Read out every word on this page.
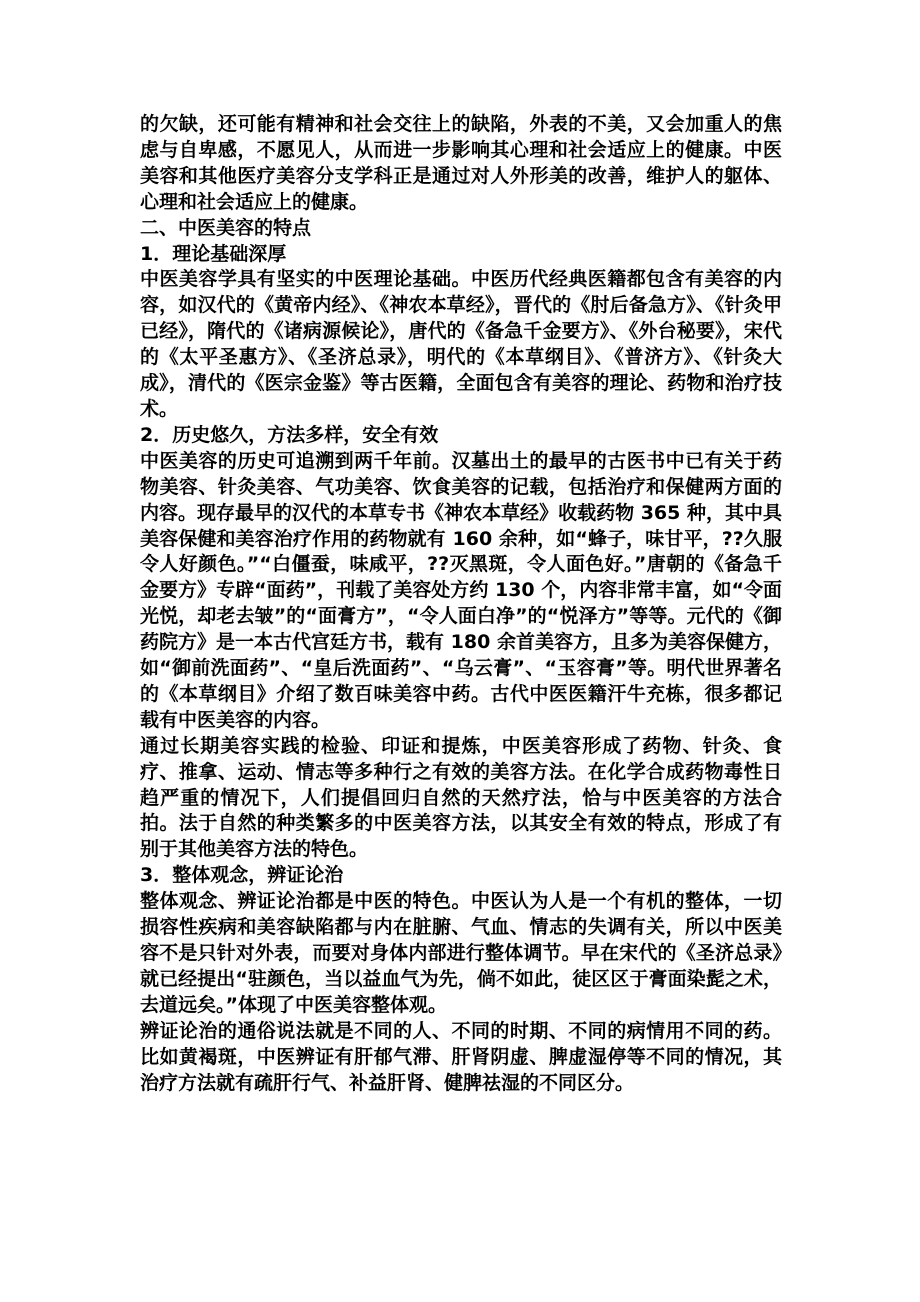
的欠缺，还可能有精神和社会交往上的缺陷，外表的不美，又会加重人的焦虑与自卑感，不愿见人，从而进一步影响其心理和社会适应上的健康。中医美容和其他医疗美容分支学科正是通过对人外形美的改善，维护人的躯体、心理和社会适应上的健康。

二、中医美容的特点

1．理论基础深厚

中医美容学具有坚实的中医理论基础。中医历代经典医籍都包含有美容的内容，如汉代的《黄帝内经》、《神农本草经》，晋代的《肘后备急方》、《针灸甲已经》，隋代的《诸病源候论》，唐代的《备急千金要方》、《外台秘要》，宋代的《太平圣惠方》、《圣济总录》，明代的《本草纲目》、《普济方》、《针灸大成》，清代的《医宗金鉴》等古医籍，全面包含有美容的理论、药物和治疗技术。

2．历史悠久，方法多样，安全有效

中医美容的历史可追溯到两千年前。汉墓出土的最早的古医书中已有关于药物美容、针灸美容、气功美容、饮食美容的记载，包括治疗和保健两方面的内容。现存最早的汉代的本草专书《神农本草经》收载药物 365 种，其中具美容保健和美容治疗作用的药物就有 160 余种，如“蜂子，味甘平，??久服令人好颜色。”“白僵蚕，味咸平，??灭黑斑，令人面色好。”唐朝的《备急千金要方》专辟“面药”，刊载了美容处方约 130 个，内容非常丰富，如“令面光悦，却老去皱”的“面膏方”，“令人面白净”的“悦泽方”等等。元代的《御药院方》是一本古代宫廷方书，载有 180 余首美容方，且多为美容保健方，如“御前洗面药”、“皇后洗面药”、“乌云膏”、“玉容膏”等。明代世界著名的《本草纲目》介绍了数百味美容中药。古代中医医籍汗牛充栋，很多都记载有中医美容的内容。

通过长期美容实践的检验、印证和提炼，中医美容形成了药物、针灸、食疗、推拿、运动、情志等多种行之有效的美容方法。在化学合成药物毒性日趋严重的情况下，人们提倡回归自然的天然疗法，恰与中医美容的方法合拍。法于自然的种类繁多的中医美容方法，以其安全有效的特点，形成了有别于其他美容方法的特色。

3．整体观念，辨证论治

整体观念、辨证论治都是中医的特色。中医认为人是一个有机的整体，一切损容性疾病和美容缺陷都与内在脏腑、气血、情志的失调有关，所以中医美容不是只针对外表，而要对身体内部进行整体调节。早在宋代的《圣济总录》就已经提出“驻颜色，当以益血气为先，倘不如此，徒区区于膏面染髭之术，去道远矣。”体现了中医美容整体观。

辨证论治的通俗说法就是不同的人、不同的时期、不同的病情用不同的药。比如黄褐斑，中医辨证有肝郁气滞、肝肾阴虚、脾虚湿停等不同的情况，其治疗方法就有疏肝行气、补益肝肾、健脾祛湿的不同区分。
